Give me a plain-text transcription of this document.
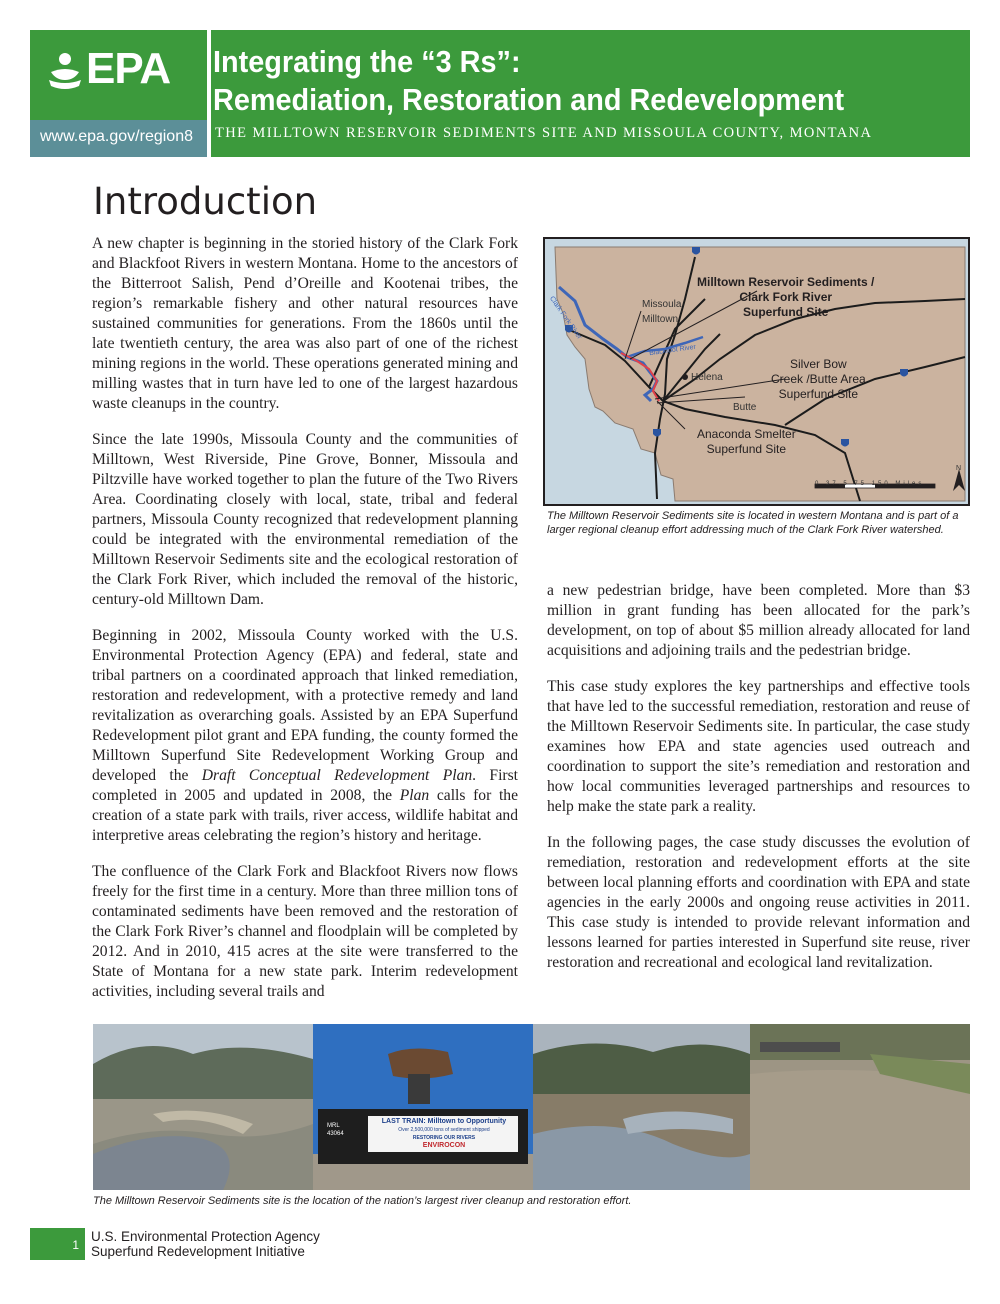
EPA
www.epa.gov/region8
Integrating the “3 Rs”:
Remediation, Restoration and Redevelopment
THE MILLTOWN RESERVOIR SEDIMENTS SITE AND MISSOULA COUNTY, MONTANA
Introduction

A new chapter is beginning in the storied history of the Clark Fork and Blackfoot Rivers in western Montana. Home to the ancestors of the Bitterroot Salish, Pend d’Oreille and Kootenai tribes, the region’s remarkable fishery and other natural resources have sustained communities for generations. From the 1860s until the late twentieth century, the area was also part of one of the richest mining regions in the world. These operations generated mining and milling wastes that in turn have led to one of the largest hazardous waste cleanups in the country.

Since the late 1990s, Missoula County and the communities of Milltown, West Riverside, Pine Grove, Bonner, Missoula and Piltzville have worked together to plan the future of the Two Rivers Area. Coordinating closely with local, state, tribal and federal partners, Missoula County recognized that redevelopment planning could be integrated with the environmental remediation of the Milltown Reservoir Sediments site and the ecological restoration of the Clark Fork River, which included the removal of the historic, century-old Milltown Dam.

Beginning in 2002, Missoula County worked with the U.S. Environmental Protection Agency (EPA) and federal, state and tribal partners on a coordinated approach that linked remediation, restoration and redevelopment, with a protective remedy and land revitalization as overarching goals. Assisted by an EPA Superfund Redevelopment pilot grant and EPA funding, the county formed the Milltown Superfund Site Redevelopment Working Group and developed the Draft Conceptual Redevelopment Plan. First completed in 2005 and updated in 2008, the Plan calls for the creation of a state park with trails, river access, wildlife habitat and interpretive areas celebrating the region’s history and heritage.

The confluence of the Clark Fork and Blackfoot Rivers now flows freely for the first time in a century. More than three million tons of contaminated sediments have been removed and the restoration of the Clark Fork River’s channel and floodplain will be completed by 2012. And in 2010, 415 acres at the site were transferred to the State of Montana for a new state park. Interim redevelopment activities, including several trails and

Milltown Reservoir Sediments /
Clark Fork River
Superfund Site
Missoula
Milltown
Helena
Butte
Silver Bow
Creek /Butte Area
Superfund Site
Anaconda Smelter
Superfund Site
Clark Fork River
Blackfoot River
0 37.5 75 150 Miles
N
The Milltown Reservoir Sediments site is located in western Montana and is part of a larger regional cleanup effort addressing much of the Clark Fork River watershed.

a new pedestrian bridge, have been completed. More than $3 million in grant funding has been allocated for the park’s development, on top of about $5 million already allocated for land acquisitions and adjoining trails and the pedestrian bridge.

This case study explores the key partnerships and effective tools that have led to the successful remediation, restoration and reuse of the Milltown Reservoir Sediments site. In particular, the case study examines how EPA and state agencies used outreach and coordination to support the site’s remediation and restoration and how local communities leveraged partnerships and resources to help make the state park a reality.

In the following pages, the case study discusses the evolution of remediation, restoration and redevelopment efforts at the site between local planning efforts and coordination with EPA and state agencies in the early 2000s and ongoing reuse activities in 2011. This case study is intended to provide relevant information and lessons learned for parties interested in Superfund site reuse, river restoration and recreational and ecological land revitalization.

LAST TRAIN: Milltown to Opportunity
Over 2,500,000 tons of sediment shipped
RESTORING OUR RIVERS
ENVIROCON
MRL
43064
The Milltown Reservoir Sediments site is the location of the nation’s largest river cleanup and restoration effort.
1
U.S. Environmental Protection Agency
Superfund Redevelopment Initiative
